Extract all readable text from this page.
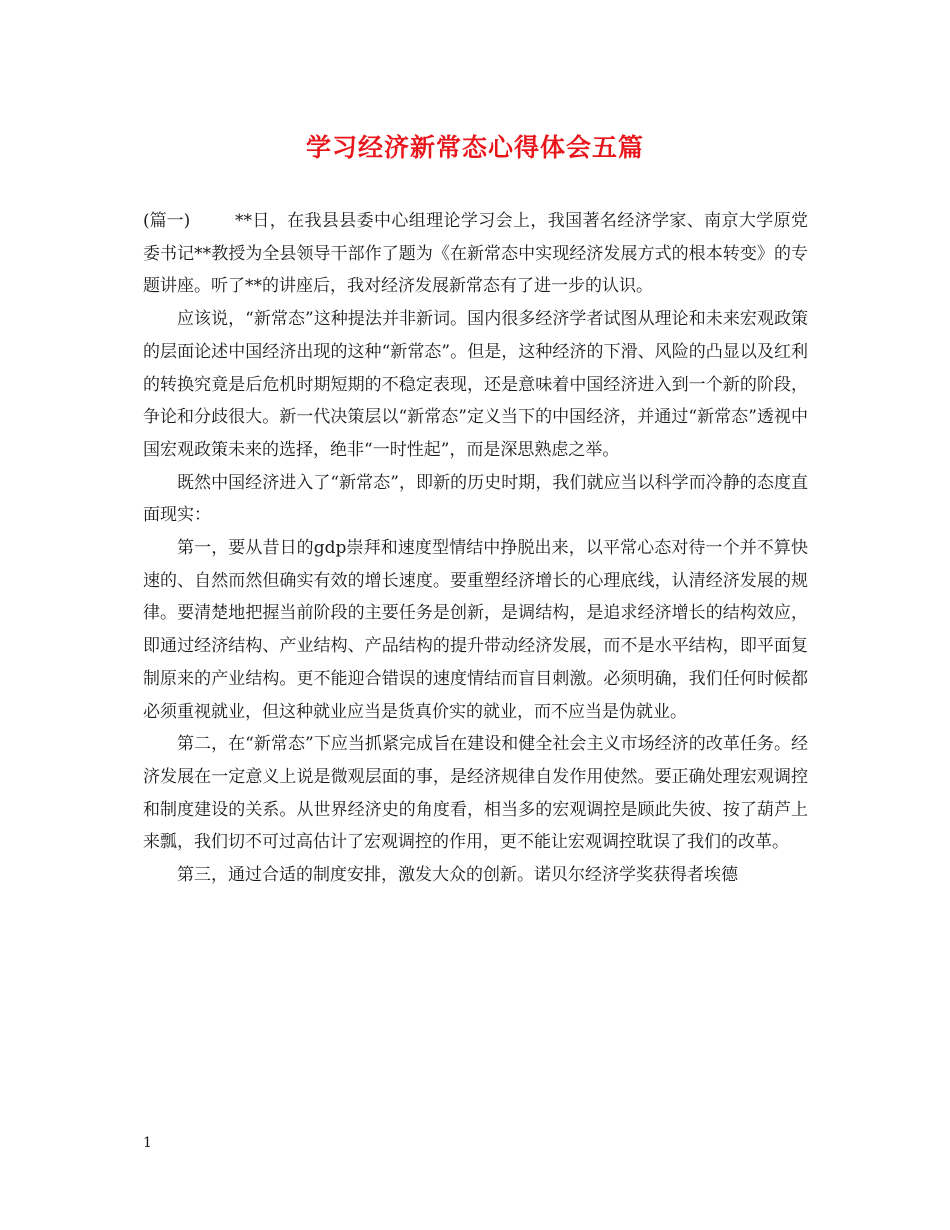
学习经济新常态心得体会五篇

(篇一)	**日，在我县县委中心组理论学习会上，我国著名经济学家、南京大学原党委书记**教授为全县领导干部作了题为《在新常态中实现经济发展方式的根本转变》的专题讲座。听了**的讲座后，我对经济发展新常态有了进一步的认识。

应该说，“新常态”这种提法并非新词。国内很多经济学者试图从理论和未来宏观政策的层面论述中国经济出现的这种“新常态”。但是，这种经济的下滑、风险的凸显以及红利的转换究竟是后危机时期短期的不稳定表现，还是意味着中国经济进入到一个新的阶段，争论和分歧很大。新一代决策层以“新常态”定义当下的中国经济，并通过“新常态”透视中国宏观政策未来的选择，绝非“一时性起”，而是深思熟虑之举。

既然中国经济进入了“新常态”，即新的历史时期，我们就应当以科学而冷静的态度直面现实：

第一，要从昔日的gdp崇拜和速度型情结中挣脱出来，以平常心态对待一个并不算快速的、自然而然但确实有效的增长速度。要重塑经济增长的心理底线，认清经济发展的规律。要清楚地把握当前阶段的主要任务是创新，是调结构，是追求经济增长的结构效应，即通过经济结构、产业结构、产品结构的提升带动经济发展，而不是水平结构，即平面复制原来的产业结构。更不能迎合错误的速度情结而盲目刺激。必须明确，我们任何时候都必须重视就业，但这种就业应当是货真价实的就业，而不应当是伪就业。

第二，在“新常态”下应当抓紧完成旨在建设和健全社会主义市场经济的改革任务。经济发展在一定意义上说是微观层面的事，是经济规律自发作用使然。要正确处理宏观调控和制度建设的关系。从世界经济史的角度看，相当多的宏观调控是顾此失彼、按了葫芦上来瓢，我们切不可过高估计了宏观调控的作用，更不能让宏观调控耽误了我们的改革。

第三，通过合适的制度安排，激发大众的创新。诺贝尔经济学奖获得者埃德

1
